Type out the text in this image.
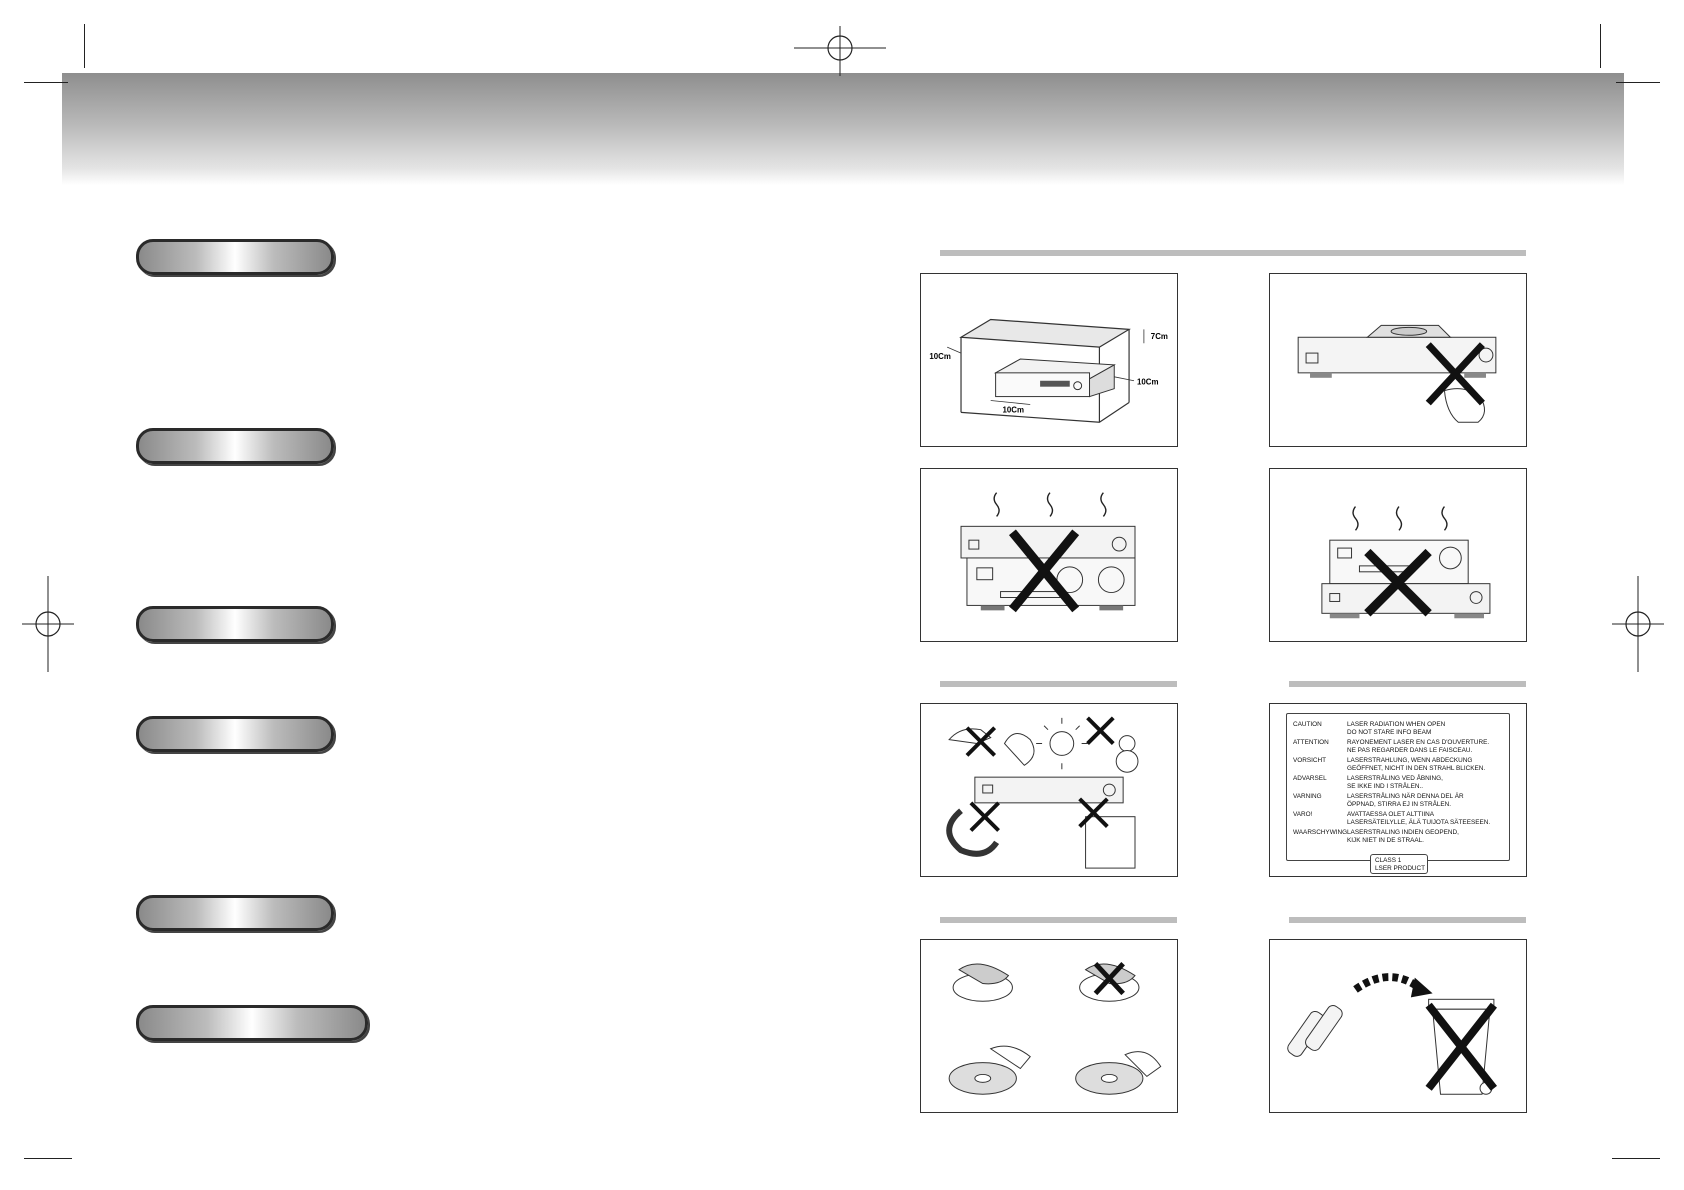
10Cm
7Cm
10Cm
10Cm
CAUTION	LASER RADIATION WHEN OPEN
DO NOT STARE INFO BEAM
ATTENTION	RAYONEMENT LASER EN CAS D'OUVERTURE.
NE PAS REGARDER DANS LE FAISCEAU.
VORSICHT	LASERSTRAHLUNG, WENN ABDECKUNG
GEÖFFNET, NICHT IN DEN STRAHL BLICKEN.
ADVARSEL	LASERSTRÅLING VED ÅBNING,
SE IKKE IND I STRÅLEN..
VARNING	LASERSTRÅLING NÄR DENNA DEL ÄR
ÖPPNAD, STIRRA EJ IN STRÅLEN.
VARO!	AVATTAESSA OLET ALTTIINA
LASERSÄTEILYLLE, ÄLÄ TUIJOTA SÄTEESEEN.
WAARSCHYWING LASERSTRALING INDIEN GEOPEND,
KIJK NIET IN DE STRAAL.
CLASS 1
LSER PRODUCT
